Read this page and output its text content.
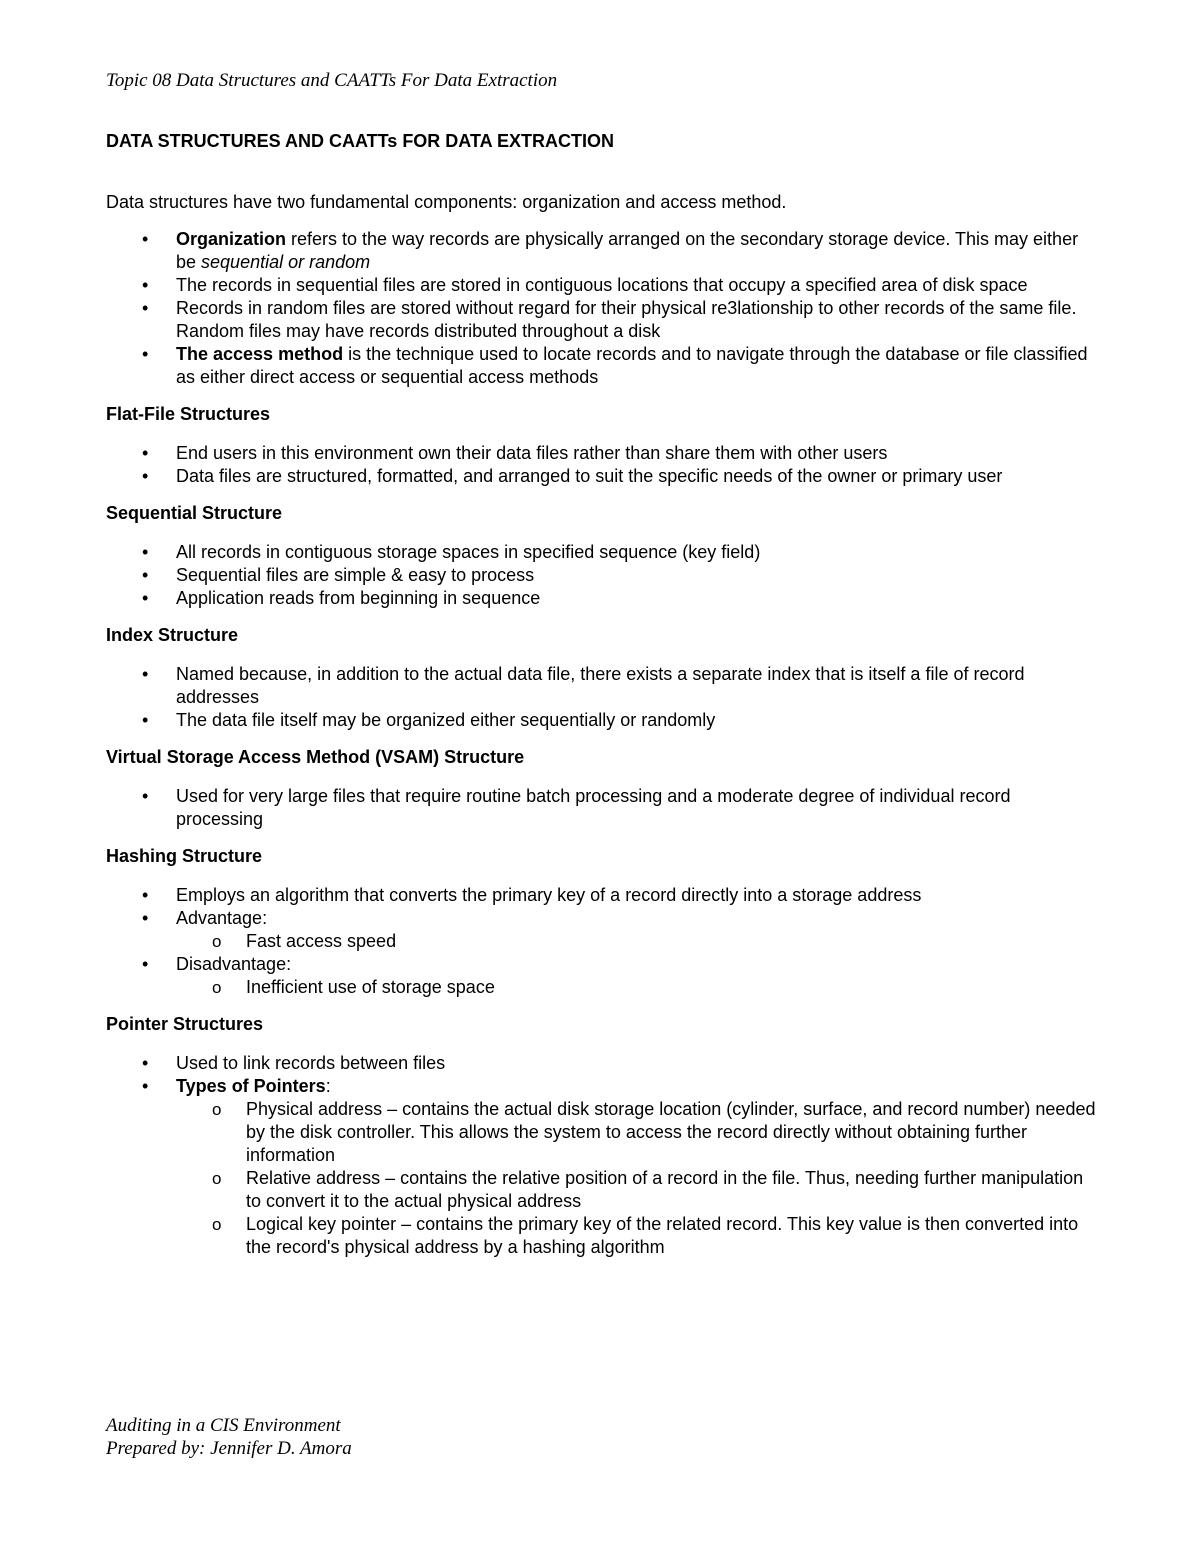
Topic 08 Data Structures and CAATTs For Data Extraction
DATA STRUCTURES AND CAATTs FOR DATA EXTRACTION

Data structures have two fundamental components: organization and access method.

• Organization refers to the way records are physically arranged on the secondary storage device. This may either be sequential or random
• The records in sequential files are stored in contiguous locations that occupy a specified area of disk space
• Records in random files are stored without regard for their physical re3lationship to other records of the same file. Random files may have records distributed throughout a disk
• The access method is the technique used to locate records and to navigate through the database or file classified as either direct access or sequential access methods
Flat-File Structures
• End users in this environment own their data files rather than share them with other users
• Data files are structured, formatted, and arranged to suit the specific needs of the owner or primary user
Sequential Structure
• All records in contiguous storage spaces in specified sequence (key field)
• Sequential files are simple & easy to process
• Application reads from beginning in sequence
Index Structure
• Named because, in addition to the actual data file, there exists a separate index that is itself a file of record addresses
• The data file itself may be organized either sequentially or randomly
Virtual Storage Access Method (VSAM) Structure
• Used for very large files that require routine batch processing and a moderate degree of individual record processing
Hashing Structure
• Employs an algorithm that converts the primary key of a record directly into a storage address
• Advantage:
o Fast access speed
• Disadvantage:
o Inefficient use of storage space
Pointer Structures
• Used to link records between files
• Types of Pointers:
o Physical address – contains the actual disk storage location (cylinder, surface, and record number) needed by the disk controller. This allows the system to access the record directly without obtaining further information
o Relative address – contains the relative position of a record in the file. Thus, needing further manipulation to convert it to the actual physical address
o Logical key pointer – contains the primary key of the related record. This key value is then converted into the record's physical address by a hashing algorithm
Auditing in a CIS Environment
Prepared by: Jennifer D. Amora
